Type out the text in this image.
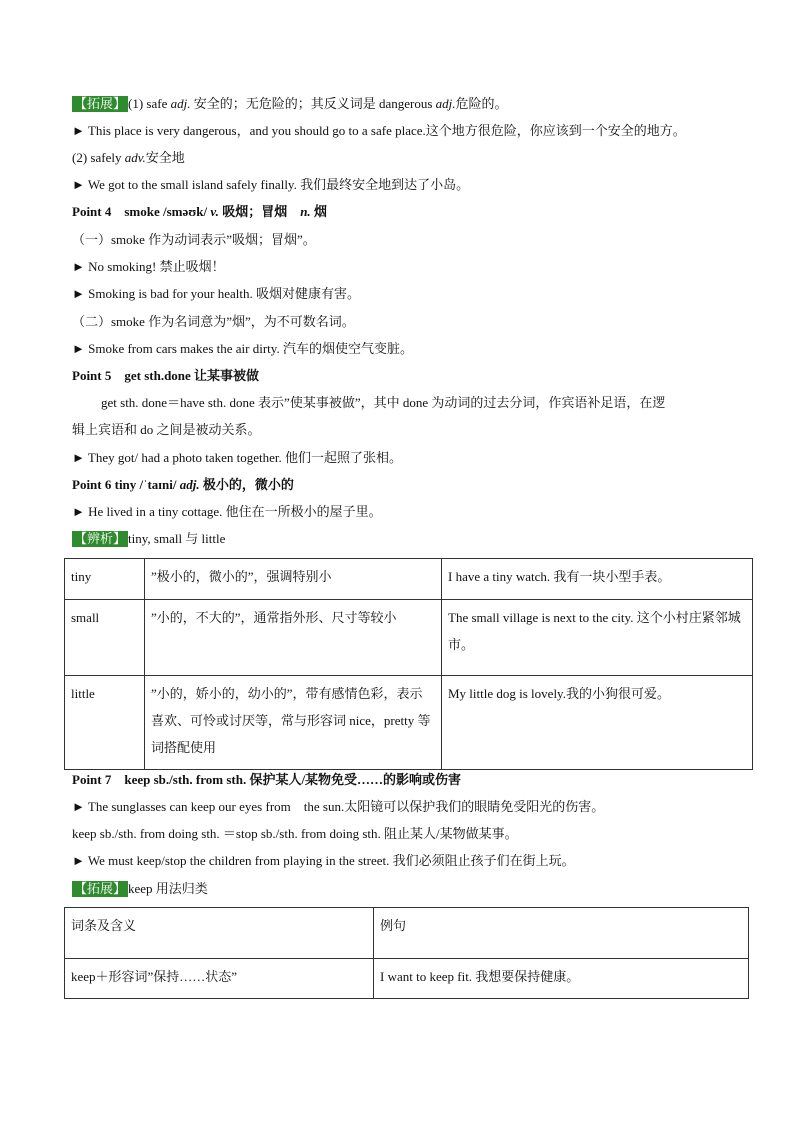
【拓展】 (1) safe adj. 安全的；无危险的；其反义词是 dangerous adj.危险的。
► This place is very dangerous，and you should go to a safe place.这个地方很危险，你应该到一个安全的地方。
(2) safely adv.安全地
► We got to the small island safely finally. 我们最终安全地到达了小岛。
Point 4　smoke /sməʊk/ v. 吸烟；冒烟　n. 烟
（一）smoke 作为动词表示”吸烟；冒烟”。
► No smoking! 禁止吸烟！
► Smoking is bad for your health. 吸烟对健康有害。
（二）smoke 作为名词意为”烟”，为不可数名词。
► Smoke from cars makes the air dirty. 汽车的烟使空气变脏。
Point 5　get sth.done 让某事被做
get sth. done＝have sth. done 表示”使某事被做”，其中 done 为动词的过去分词，作宾语补足语，在逻
辑上宾语和 do 之间是被动关系。
► They got/ had a photo taken together. 他们一起照了张相。
Point 6 tiny /ˈtaɪni/ adj. 极小的，微小的
► He lived in a tiny cottage. 他住在一所极小的屋子里。
【辨析】 tiny, small 与 little
tiny	”极小的，微小的”，强调特别小	I have a tiny watch. 我有一块小型手表。
small	”小的，不大的”，通常指外形、尺寸等较小	The small village is next to the city. 这个小村庄紧邻城市。
little	”小的，娇小的，幼小的”，带有感情色彩，表示喜欢、可怜或讨厌等，常与形容词 nice，pretty 等词搭配使用	My little dog is lovely.我的小狗很可爱。
Point 7　keep sb./sth. from sth. 保护某人/某物免受……的影响或伤害
► The sunglasses can keep our eyes from　the sun.太阳镜可以保护我们的眼睛免受阳光的伤害。
keep sb./sth. from doing sth. ＝stop sb./sth. from doing sth. 阻止某人/某物做某事。
► We must keep/stop the children from playing in the street. 我们必须阻止孩子们在街上玩。
【拓展】 keep 用法归类
词条及含义	例句
keep＋形容词”保持……状态”	I want to keep fit. 我想要保持健康。
